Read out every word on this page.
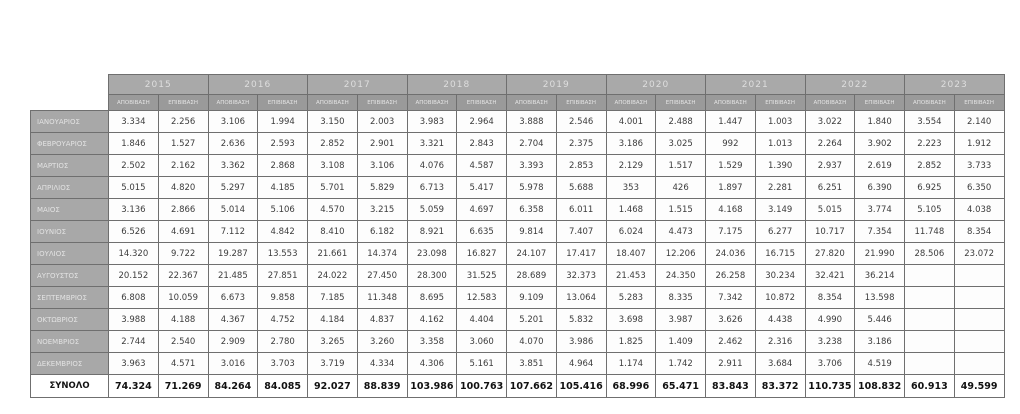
	2015		2016		2017		2018		2019		2020		2021		2022		2023	
	ΑΠΟΒΙΒΑΣΗ	ΕΠΙΒΙΒΑΣΗ	ΑΠΟΒΙΒΑΣΗ	ΕΠΙΒΙΒΑΣΗ	ΑΠΟΒΙΒΑΣΗ	ΕΠΙΒΙΒΑΣΗ	ΑΠΟΒΙΒΑΣΗ	ΕΠΙΒΙΒΑΣΗ	ΑΠΟΒΙΒΑΣΗ	ΕΠΙΒΙΒΑΣΗ	ΑΠΟΒΙΒΑΣΗ	ΕΠΙΒΙΒΑΣΗ	ΑΠΟΒΙΒΑΣΗ	ΕΠΙΒΙΒΑΣΗ	ΑΠΟΒΙΒΑΣΗ	ΕΠΙΒΙΒΑΣΗ	ΑΠΟΒΙΒΑΣΗ	ΕΠΙΒΙΒΑΣΗ
ΙΑΝΟΥΑΡΙΟΣ	3.334	2.256	3.106	1.994	3.150	2.003	3.983	2.964	3.888	2.546	4.001	2.488	1.447	1.003	3.022	1.840	3.554	2.140
ΦΕΒΡΟΥΑΡΙΟΣ	1.846	1.527	2.636	2.593	2.852	2.901	3.321	2.843	2.704	2.375	3.186	3.025	992	1.013	2.264	3.902	2.223	1.912
ΜΑΡΤΙΟΣ	2.502	2.162	3.362	2.868	3.108	3.106	4.076	4.587	3.393	2.853	2.129	1.517	1.529	1.390	2.937	2.619	2.852	3.733
ΑΠΡΙΛΙΟΣ	5.015	4.820	5.297	4.185	5.701	5.829	6.713	5.417	5.978	5.688	353	426	1.897	2.281	6.251	6.390	6.925	6.350
ΜΑΙΟΣ	3.136	2.866	5.014	5.106	4.570	3.215	5.059	4.697	6.358	6.011	1.468	1.515	4.168	3.149	5.015	3.774	5.105	4.038
ΙΟΥΝΙΟΣ	6.526	4.691	7.112	4.842	8.410	6.182	8.921	6.635	9.814	7.407	6.024	4.473	7.175	6.277	10.717	7.354	11.748	8.354
ΙΟΥΛΙΟΣ	14.320	9.722	19.287	13.553	21.661	14.374	23.098	16.827	24.107	17.417	18.407	12.206	24.036	16.715	27.820	21.990	28.506	23.072
ΑΥΓΟΥΣΤΟΣ	20.152	22.367	21.485	27.851	24.022	27.450	28.300	31.525	28.689	32.373	21.453	24.350	26.258	30.234	32.421	36.214		
ΣΕΠΤΕΜΒΡΙΟΣ	6.808	10.059	6.673	9.858	7.185	11.348	8.695	12.583	9.109	13.064	5.283	8.335	7.342	10.872	8.354	13.598		
ΟΚΤΩΒΡΙΟΣ	3.988	4.188	4.367	4.752	4.184	4.837	4.162	4.404	5.201	5.832	3.698	3.987	3.626	4.438	4.990	5.446		
ΝΟΕΜΒΡΙΟΣ	2.744	2.540	2.909	2.780	3.265	3.260	3.358	3.060	4.070	3.986	1.825	1.409	2.462	2.316	3.238	3.186		
ΔΕΚΕΜΒΡΙΟΣ	3.963	4.571	3.016	3.703	3.719	4.334	4.306	5.161	3.851	4.964	1.174	1.742	2.911	3.684	3.706	4.519		
ΣΥΝΟΛΟ	74.324	71.269	84.264	84.085	92.027	88.839	103.986	100.763	107.662	105.416	68.996	65.471	83.843	83.372	110.735	108.832	60.913	49.599
